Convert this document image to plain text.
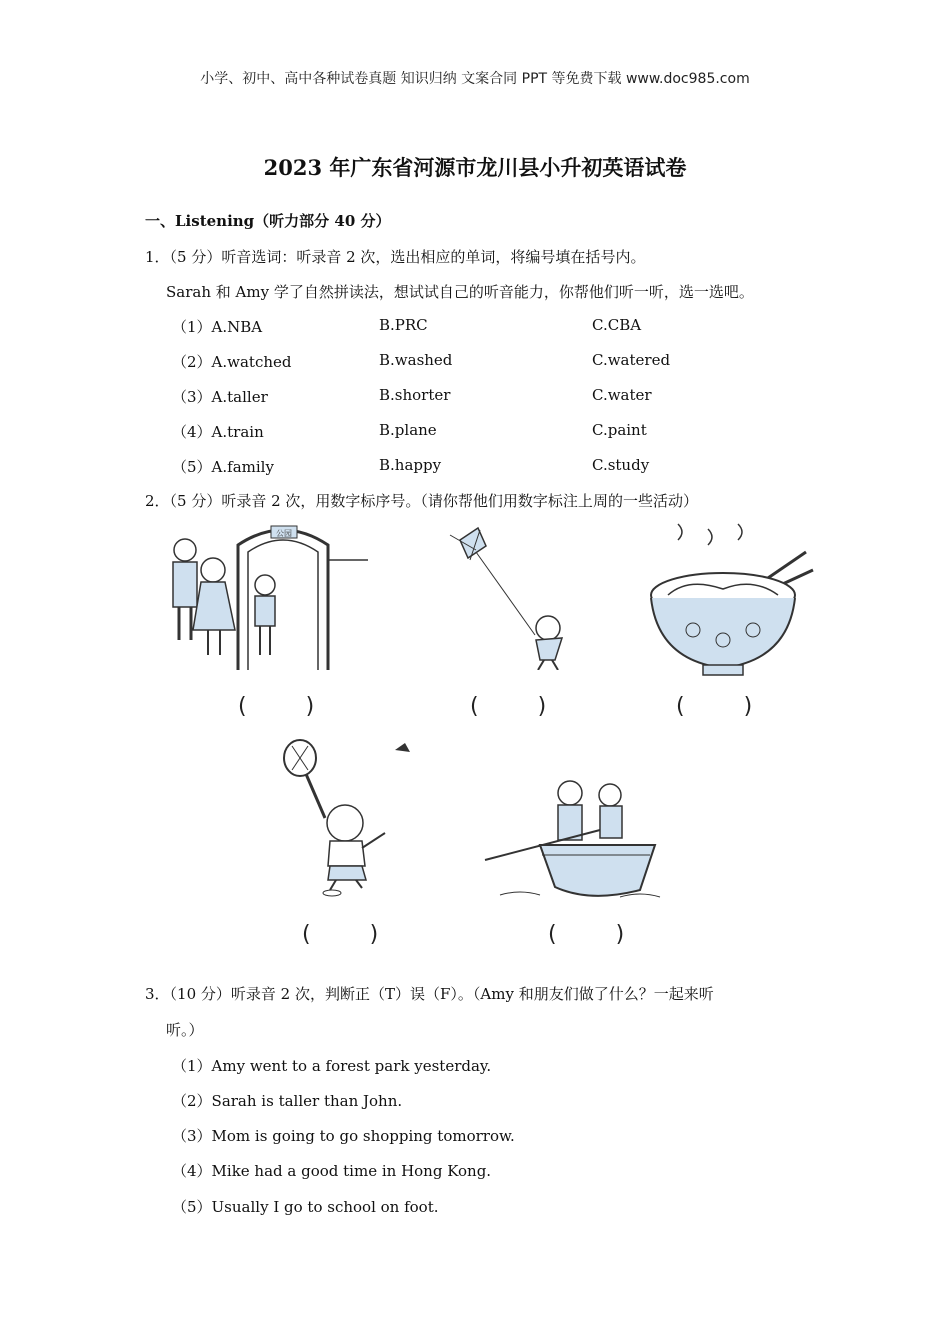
小学、初中、高中各种试卷真题 知识归纳 文案合同 PPT 等免费下载 www.doc985.com
2023 年广东省河源市龙川县小升初英语试卷
一、Listening（听力部分 40 分）
1．（5 分）听音选词：听录音 2 次，选出相应的单词，将编号填在括号内。
Sarah 和 Amy 学了自然拼读法，想试试自己的听音能力，你帮他们听一听，选一选吧。
（1）A.NBA	B.PRC	C.CBA
（2）A.watched	B.washed	C.watered
（3）A.taller	B.shorter	C.water
（4）A.train	B.plane	C.paint
（5）A.family	B.happy	C.study
2．（5 分）听录音 2 次，用数字标序号。（请你帮他们用数字标注上周的一些活动）
公园
( )	( )	( )
( )	( )
3．（10 分）听录音 2 次，判断正（T）误（F）。（Amy 和朋友们做了什么？一起来听
听。）
（1）Amy went to a forest park yesterday.
（2）Sarah is taller than John.
（3）Mom is going to go shopping tomorrow.
（4）Mike had a good time in Hong Kong.
（5）Usually I go to school on foot.
